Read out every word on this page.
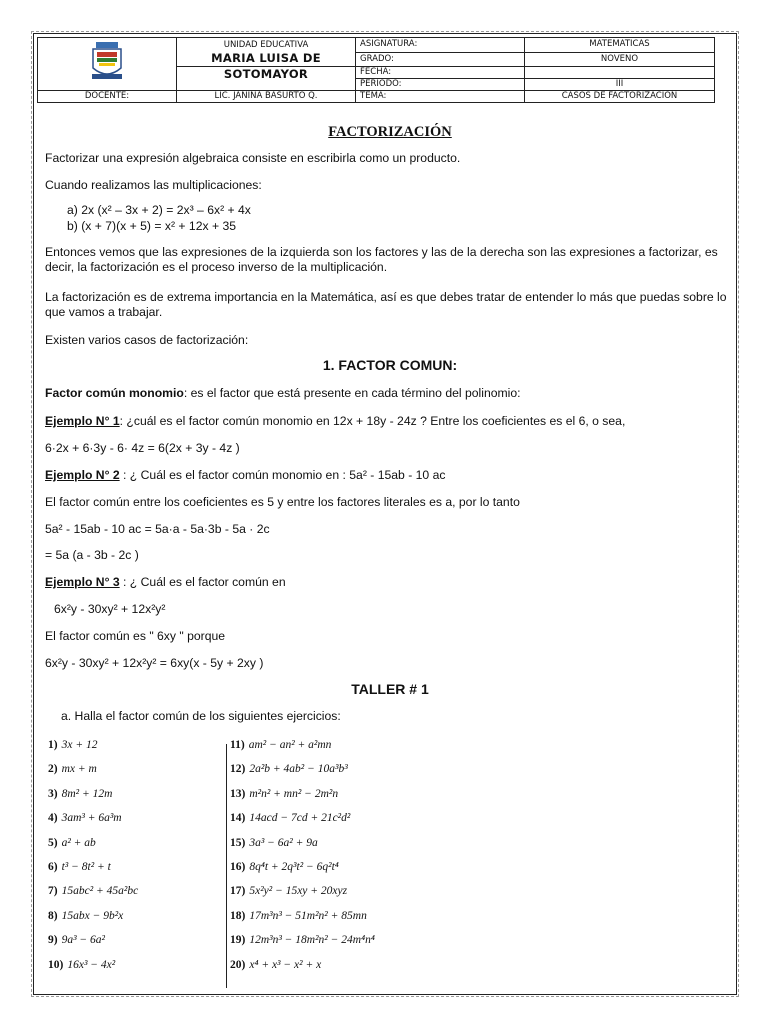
UNIDAD EDUCATIVA
MARIA LUISA DE	ASIGNATURA:	MATEMATICAS
		GRADO:	NOVENO

	SOTOMAYOR	FECHA:	
		PERIODO:	III
DOCENTE:	LIC. JANINA BASURTO Q.	TEMA:	CASOS DE FACTORIZACION
FACTORIZACIÓN
Factorizar una expresión algebraica consiste en escribirla como un producto.
Cuando realizamos las multiplicaciones:
a) 2x (x² – 3x + 2) = 2x³ – 6x² + 4x
b) (x + 7)(x + 5) = x² + 12x + 35
Entonces vemos que las expresiones de la izquierda son los factores y las de la derecha son las expresiones a factorizar, es decir, la factorización es el proceso inverso de la multiplicación.
La factorización es de extrema importancia en la Matemática, así es que debes tratar de entender lo más que puedas sobre lo que vamos a trabajar.
Existen varios casos de factorización:
1. FACTOR COMUN:
Factor común monomio: es el factor que está presente en cada término del polinomio:
Ejemplo N° 1: ¿cuál es el factor común monomio en 12x + 18y - 24z ? Entre los coeficientes es el 6, o sea,
6·2x + 6·3y - 6· 4z = 6(2x + 3y - 4z )
Ejemplo N° 2 : ¿ Cuál es el factor común monomio en : 5a² - 15ab - 10 ac
El factor común entre los coeficientes es 5 y entre los factores literales es a, por lo tanto
5a² - 15ab - 10 ac = 5a·a - 5a·3b - 5a · 2c
= 5a (a - 3b - 2c )
Ejemplo N° 3 : ¿ Cuál es el factor común en
6x²y - 30xy² + 12x²y²
El factor común es " 6xy " porque
6x²y - 30xy² + 12x²y² = 6xy(x - 5y + 2xy )
TALLER # 1
a. Halla el factor común de los siguientes ejercicios:
1) 3x + 12
2) mx + m
3) 8m² + 12m
4) 3am³ + 6a³m
5) a² + ab
6) t³ − 8t² + t
7) 15abc² + 45a²bc
8) 15abx − 9b²x
9) 9a³ − 6a²
10) 16x³ − 4x²
11) am² − an² + a²mn
12) 2a²b + 4ab² − 10a³b³
13) m²n² + mn² − 2m²n
14) 14acd − 7cd + 21c²d²
15) 3a³ − 6a² + 9a
16) 8q⁴t + 2q³t² − 6q²t⁴
17) 5x²y² − 15xy + 20xyz
18) 17m³n³ − 51m²n² + 85mn
19) 12m³n³ − 18m²n² − 24m⁴n⁴
20) x⁴ + x³ − x² + x
